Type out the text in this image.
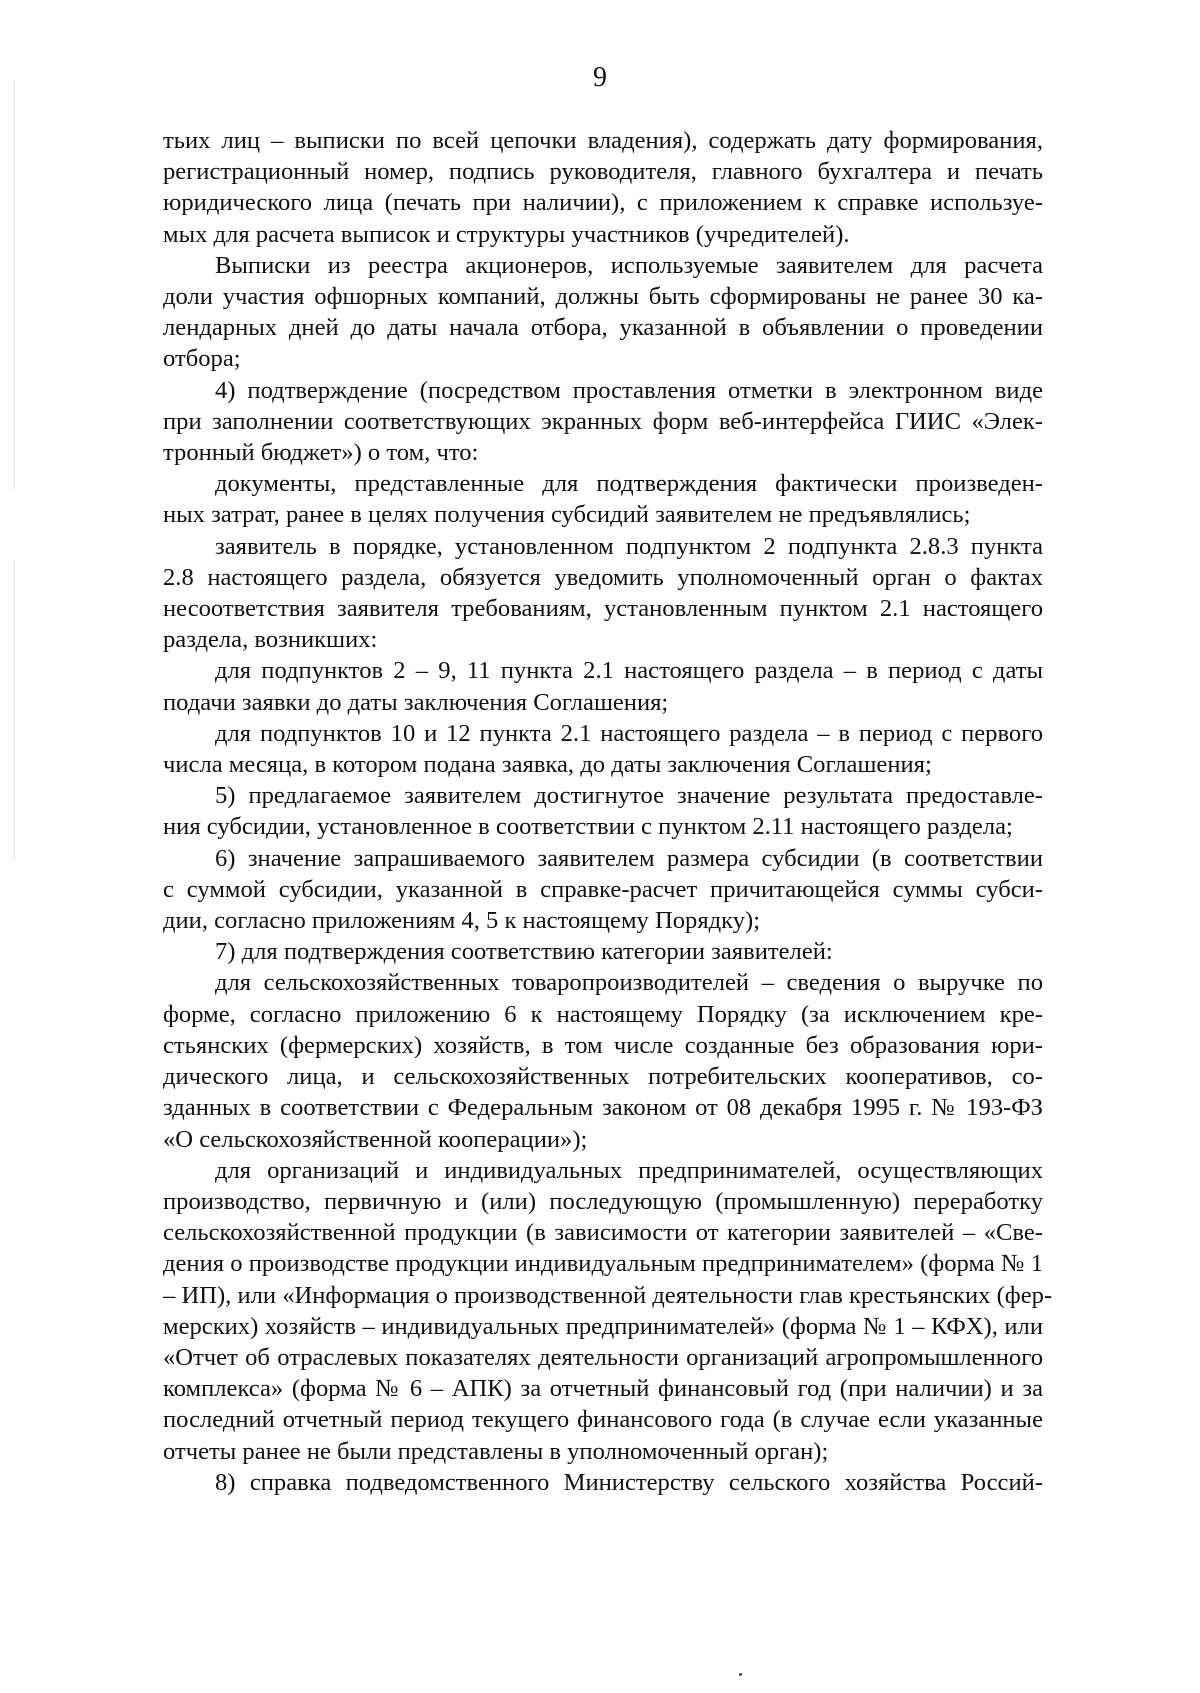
9
тьих лиц – выписки по всей цепочки владения), содержать дату формирования,
регистрационный номер, подпись руководителя, главного бухгалтера и печать
юридического лица (печать при наличии), с приложением к справке используе-
мых для расчета выписок и структуры участников (учредителей).
Выписки из реестра акционеров, используемые заявителем для расчета
доли участия офшорных компаний, должны быть сформированы не ранее 30 ка-
лендарных дней до даты начала отбора, указанной в объявлении о проведении
отбора;
4) подтверждение (посредством проставления отметки в электронном виде
при заполнении соответствующих экранных форм веб-интерфейса ГИИС «Элек-
тронный бюджет») о том, что:
документы, представленные для подтверждения фактически произведен-
ных затрат, ранее в целях получения субсидий заявителем не предъявлялись;
заявитель в порядке, установленном подпунктом 2 подпункта 2.8.3 пункта
2.8 настоящего раздела, обязуется уведомить уполномоченный орган о фактах
несоответствия заявителя требованиям, установленным пунктом 2.1 настоящего
раздела, возникших:
для подпунктов 2 – 9, 11 пункта 2.1 настоящего раздела – в период с даты
подачи заявки до даты заключения Соглашения;
для подпунктов 10 и 12 пункта 2.1 настоящего раздела – в период с первого
числа месяца, в котором подана заявка, до даты заключения Соглашения;
5) предлагаемое заявителем достигнутое значение результата предоставле-
ния субсидии, установленное в соответствии с пунктом 2.11 настоящего раздела;
6) значение запрашиваемого заявителем размера субсидии (в соответствии
с суммой субсидии, указанной в справке-расчет причитающейся суммы субси-
дии, согласно приложениям 4, 5 к настоящему Порядку);
7) для подтверждения соответствию категории заявителей:
для сельскохозяйственных товаропроизводителей – сведения о выручке по
форме, согласно приложению 6 к настоящему Порядку (за исключением кре-
стьянских (фермерских) хозяйств, в том числе созданные без образования юри-
дического лица, и сельскохозяйственных потребительских кооперативов, со-
зданных в соответствии с Федеральным законом от 08 декабря 1995 г. № 193-ФЗ
«О сельскохозяйственной кооперации»);
для организаций и индивидуальных предпринимателей, осуществляющих
производство, первичную и (или) последующую (промышленную) переработку
сельскохозяйственной продукции (в зависимости от категории заявителей – «Све-
дения о производстве продукции индивидуальным предпринимателем» (форма № 1
– ИП), или «Информация о производственной деятельности глав крестьянских (фер-
мерских) хозяйств – индивидуальных предпринимателей» (форма № 1 – КФХ), или
«Отчет об отраслевых показателях деятельности организаций агропромышленного
комплекса» (форма № 6 – АПК) за отчетный финансовый год (при наличии) и за
последний отчетный период текущего финансового года (в случае если указанные
отчеты ранее не были представлены в уполномоченный орган);
8) справка подведомственного Министерству сельского хозяйства Россий-
